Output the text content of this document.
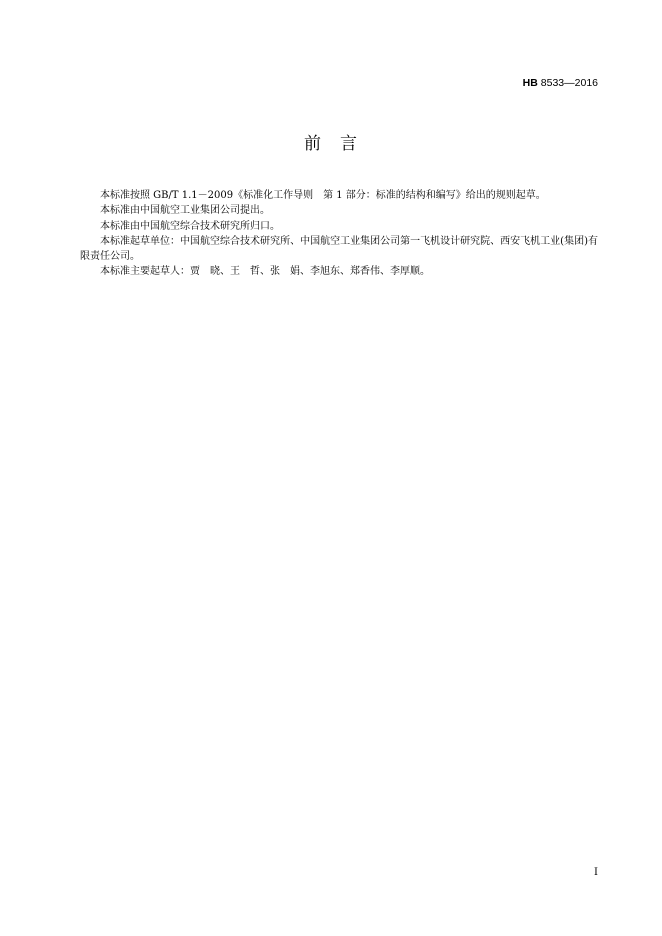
HB 8533—2016
前　言

本标准按照 GB/T 1.1－2009《标准化工作导则　第 1 部分：标准的结构和编写》给出的规则起草。

本标准由中国航空工业集团公司提出。

本标准由中国航空综合技术研究所归口。

本标准起草单位：中国航空综合技术研究所、中国航空工业集团公司第一飞机设计研究院、西安飞机工业(集团)有限责任公司。

本标准主要起草人：贾　晓、王　哲、张　娟、李旭东、郑香伟、李厚顺。

I
